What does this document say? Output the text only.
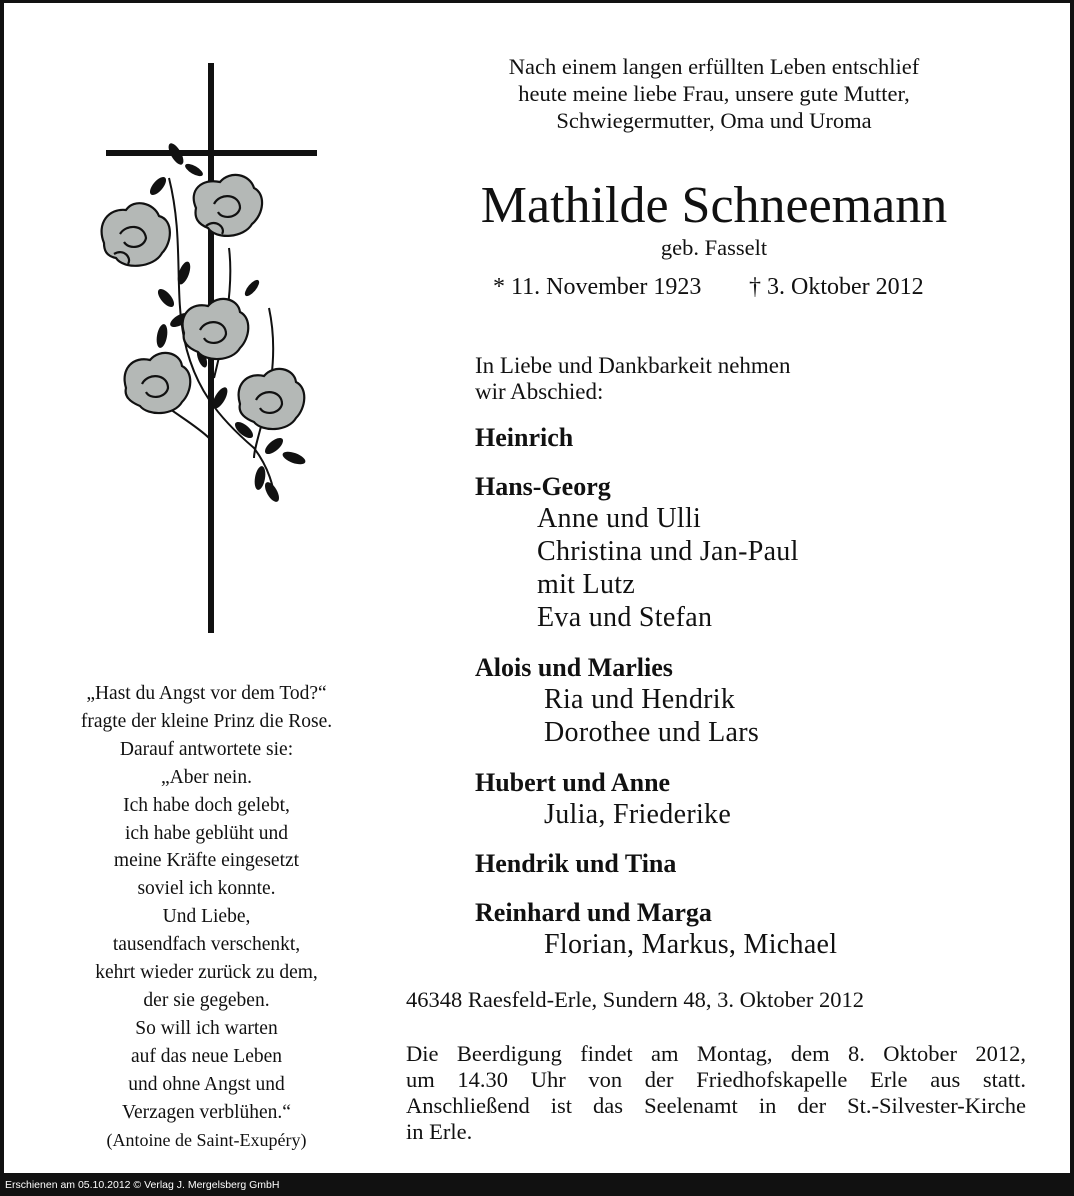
Nach einem langen erfüllten Leben entschlief
heute meine liebe Frau, unsere gute Mutter,
Schwiegermutter, Oma und Uroma
Mathilde Schneemann
geb. Fasselt
* 11. November 1923 † 3. Oktober 2012
In Liebe und Dankbarkeit nehmen
wir Abschied:
Heinrich
Hans-Georg
Anne und Ulli
Christina und Jan-Paul
mit Lutz
Eva und Stefan
Alois und Marlies
Ria und Hendrik
Dorothee und Lars
Hubert und Anne
Julia, Friederike
Hendrik und Tina
Reinhard und Marga
Florian, Markus, Michael
46348 Raesfeld-Erle, Sundern 48, 3. Oktober 2012
Die Beerdigung findet am Montag, dem 8. Oktober 2012,
um 14.30 Uhr von der Friedhofskapelle Erle aus statt.
Anschließend ist das Seelenamt in der St.-Silvester-Kirche
in Erle.
„Hast du Angst vor dem Tod?“
fragte der kleine Prinz die Rose.
Darauf antwortete sie:
„Aber nein.
Ich habe doch gelebt,
ich habe geblüht und
meine Kräfte eingesetzt
soviel ich konnte.
Und Liebe,
tausendfach verschenkt,
kehrt wieder zurück zu dem,
der sie gegeben.
So will ich warten
auf das neue Leben
und ohne Angst und
Verzagen verblühen.“
(Antoine de Saint-Exupéry)
Erschienen am 05.10.2012 © Verlag J. Mergelsberg GmbH
